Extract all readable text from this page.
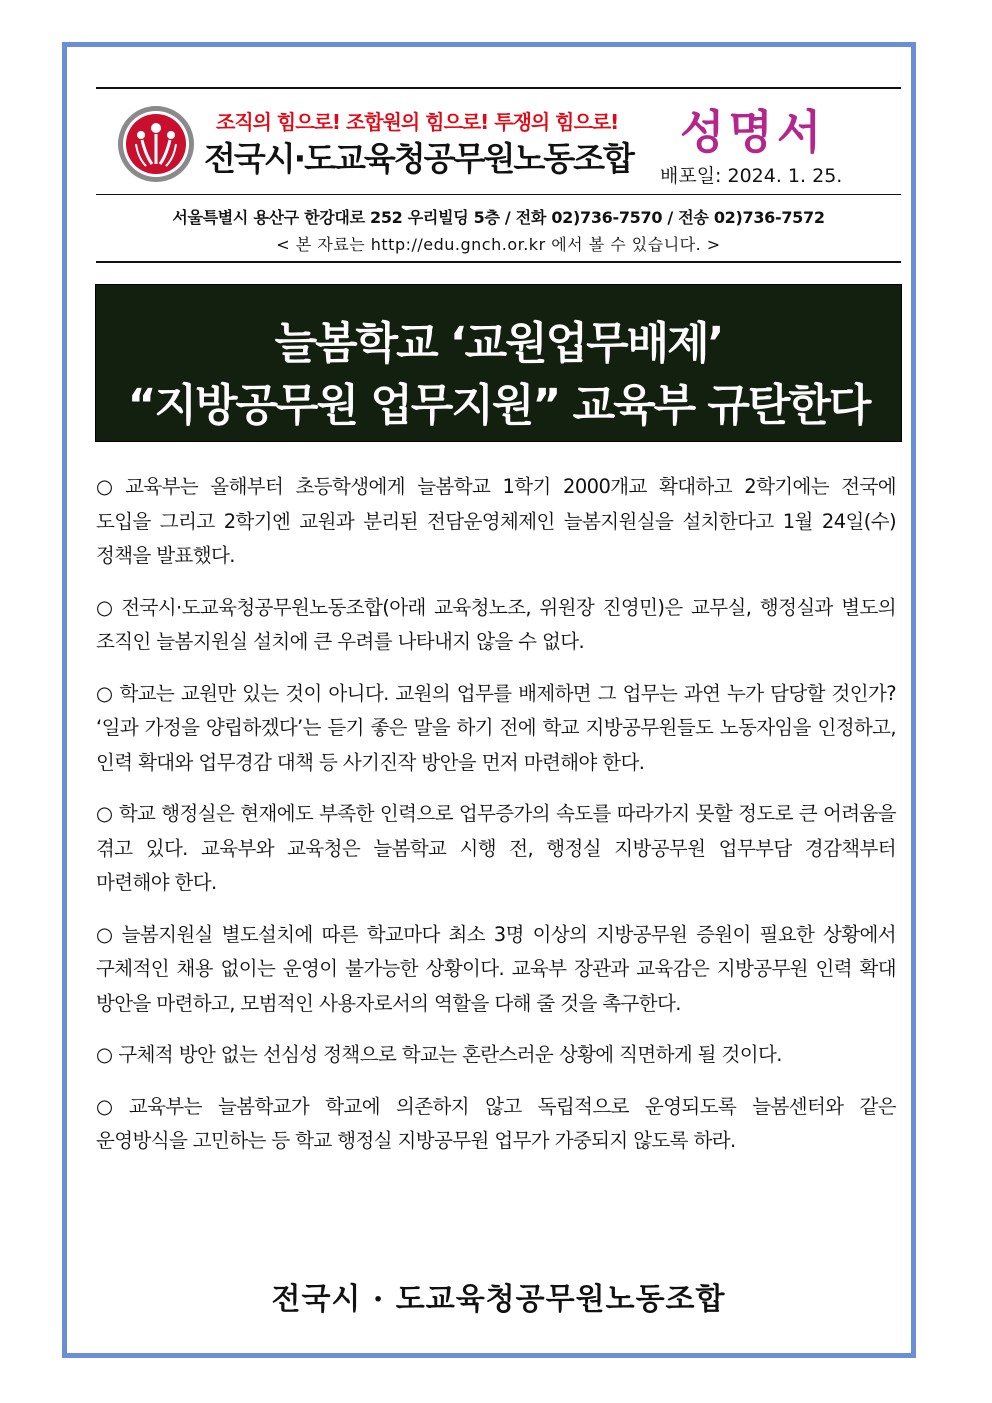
조직의 힘으로! 조합원의 힘으로! 투쟁의 힘으로!
전국시·도교육청공무원노동조합 성명서
배포일: 2024. 1. 25.
서울특별시 용산구 한강대로 252 우리빌딩 5층 / 전화 02)736-7570 / 전송 02)736-7572
< 본 자료는 http://edu.gnch.or.kr 에서 볼 수 있습니다. >
늘봄학교 ‘교원업무배제’
“지방공무원 업무지원” 교육부 규탄한다

○ 교육부는 올해부터 초등학생에게 늘봄학교 1학기 2000개교 확대하고 2학기에는 전국에 도입을 그리고 2학기엔 교원과 분리된 전담운영체제인 늘봄지원실을 설치한다고 1월 24일(수) 정책을 발표했다.

○ 전국시·도교육청공무원노동조합(아래 교육청노조, 위원장 진영민)은 교무실, 행정실과 별도의 조직인 늘봄지원실 설치에 큰 우려를 나타내지 않을 수 없다.

○ 학교는 교원만 있는 것이 아니다. 교원의 업무를 배제하면 그 업무는 과연 누가 담당할 것인가? ‘일과 가정을 양립하겠다’는 듣기 좋은 말을 하기 전에 학교 지방공무원들도 노동자임을 인정하고, 인력 확대와 업무경감 대책 등 사기진작 방안을 먼저 마련해야 한다.

○ 학교 행정실은 현재에도 부족한 인력으로 업무증가의 속도를 따라가지 못할 정도로 큰 어려움을 겪고 있다. 교육부와 교육청은 늘봄학교 시행 전, 행정실 지방공무원 업무부담 경감책부터 마련해야 한다.

○ 늘봄지원실 별도설치에 따른 학교마다 최소 3명 이상의 지방공무원 증원이 필요한 상황에서 구체적인 채용 없이는 운영이 불가능한 상황이다. 교육부 장관과 교육감은 지방공무원 인력 확대 방안을 마련하고, 모범적인 사용자로서의 역할을 다해 줄 것을 촉구한다.

○ 구체적 방안 없는 선심성 정책으로 학교는 혼란스러운 상황에 직면하게 될 것이다.

○ 교육부는 늘봄학교가 학교에 의존하지 않고 독립적으로 운영되도록 늘봄센터와 같은 운영방식을 고민하는 등 학교 행정실 지방공무원 업무가 가중되지 않도록 하라.

전국시 · 도교육청공무원노동조합
